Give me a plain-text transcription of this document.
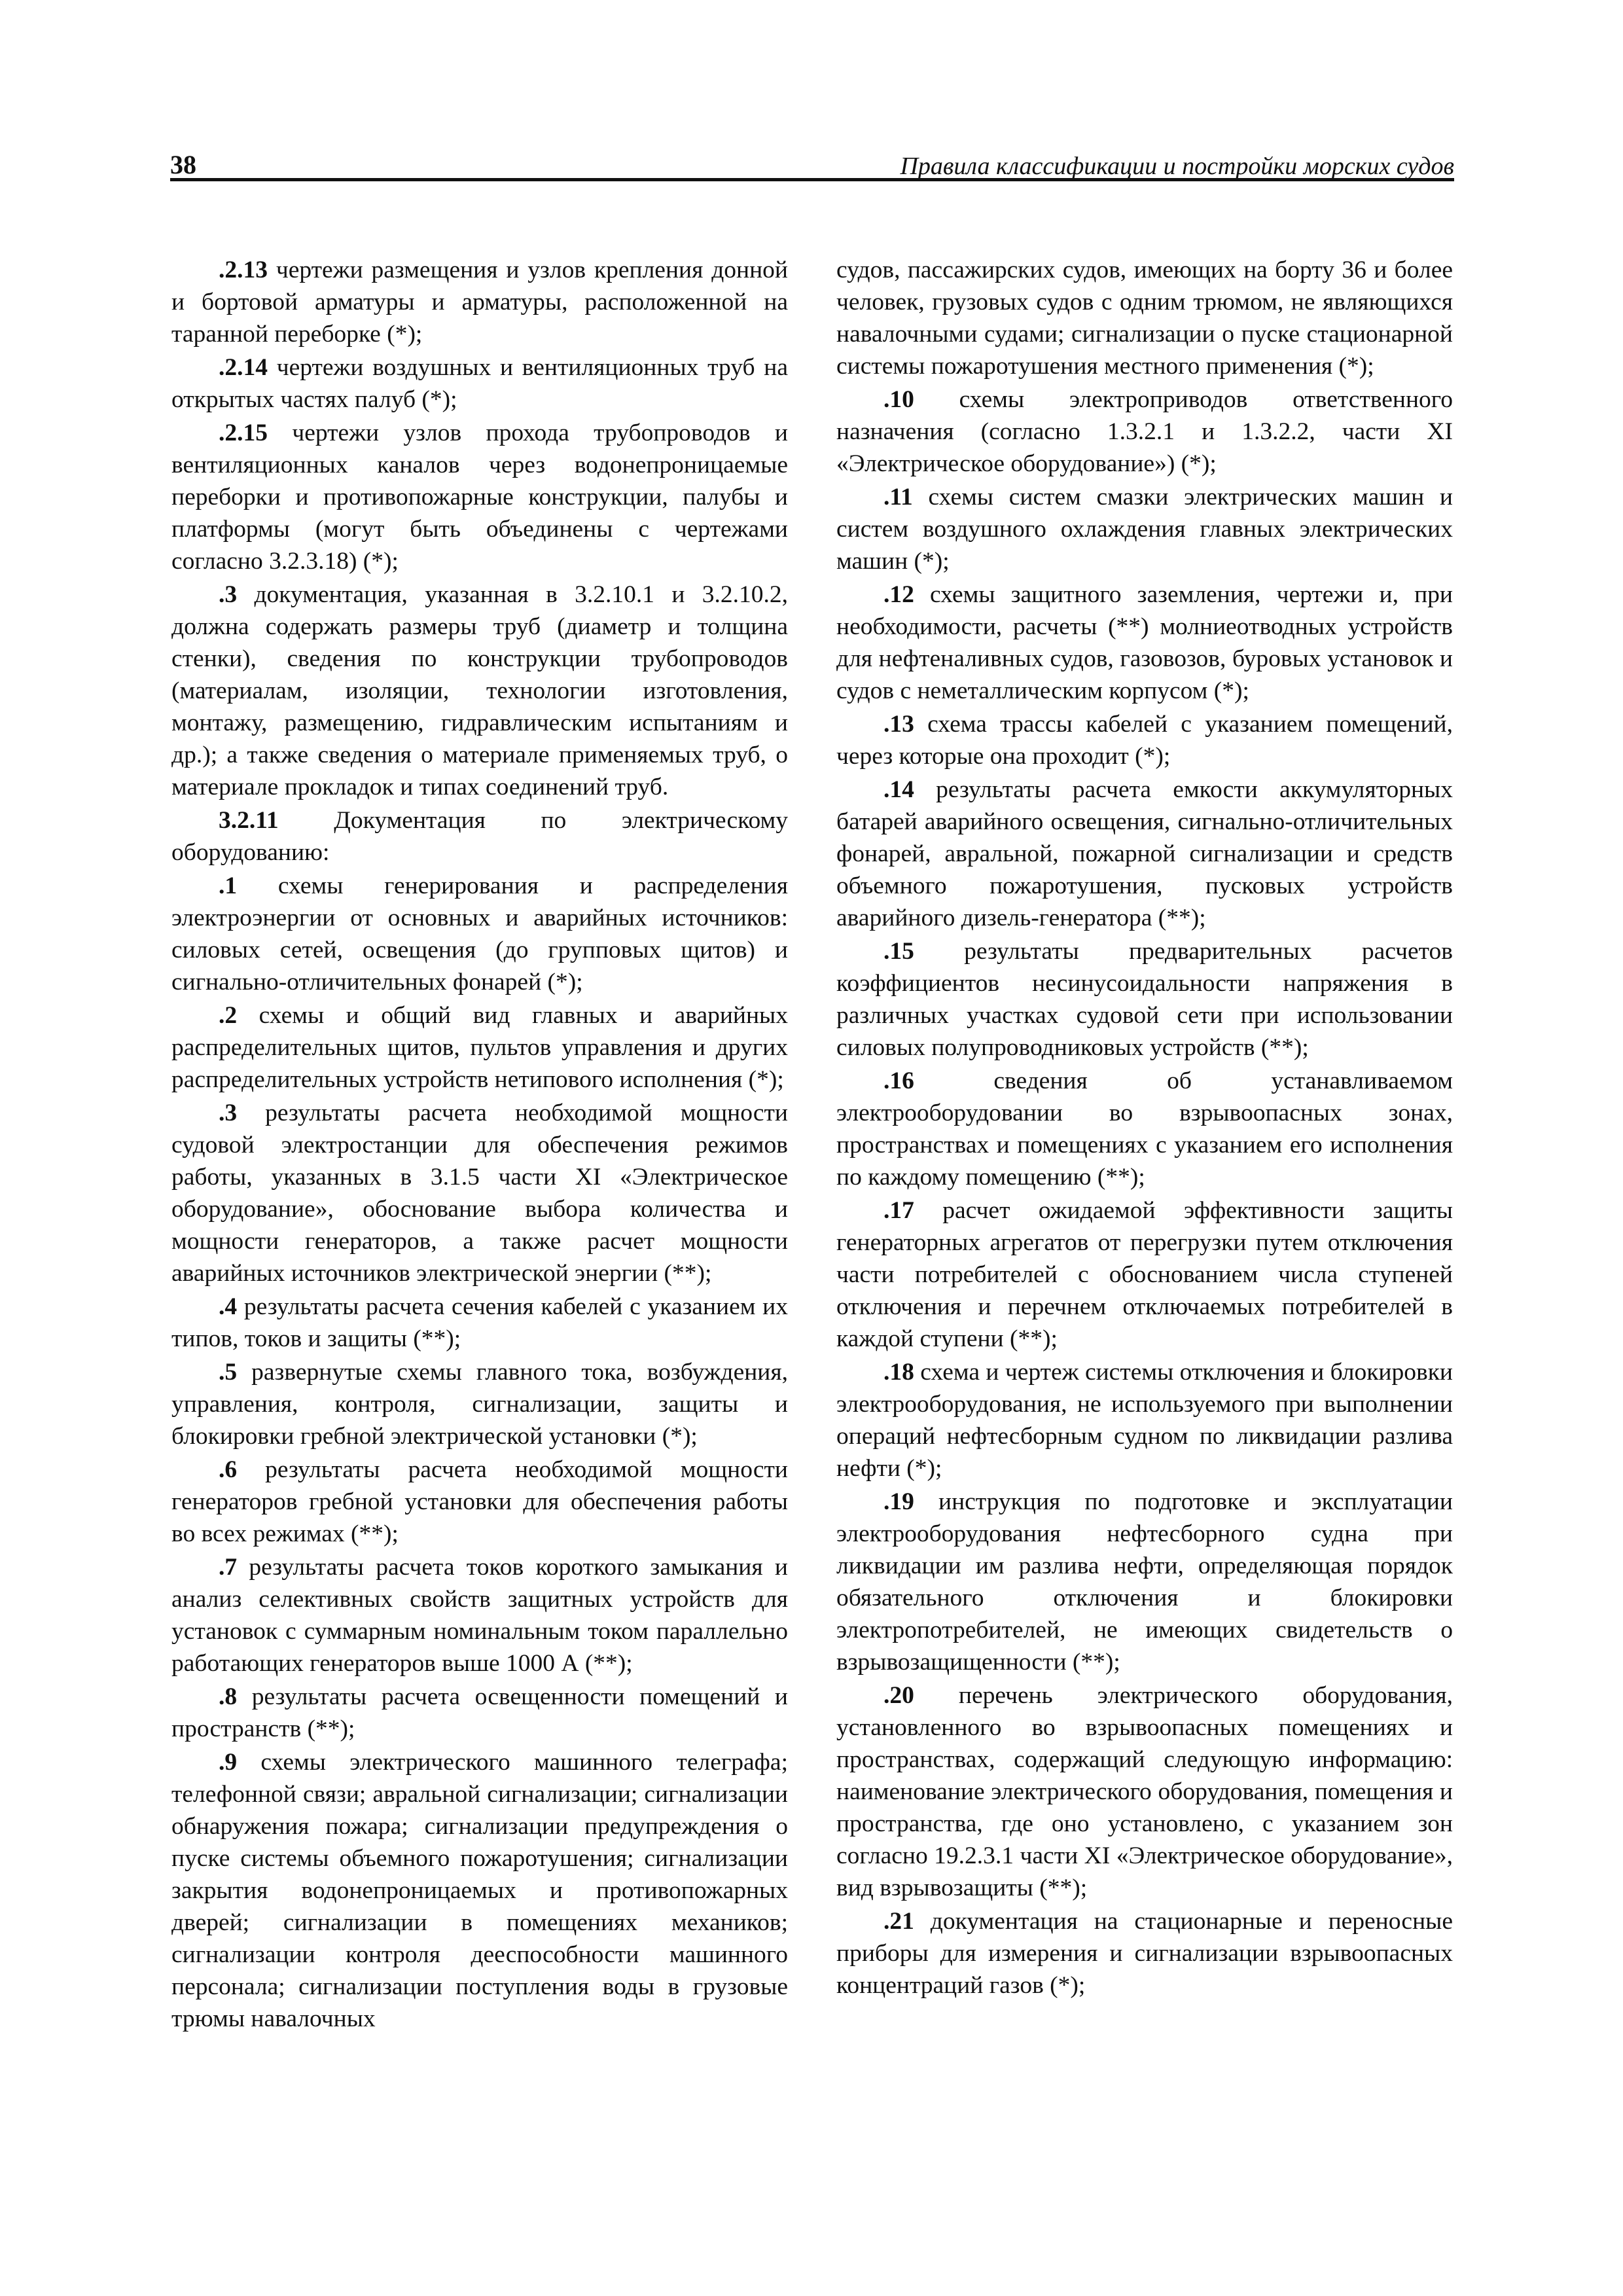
38	Правила классификации и постройки морских судов

.2.13 чертежи размещения и узлов крепления донной и бортовой арматуры и арматуры, расположенной на таранной переборке (*);

.2.14 чертежи воздушных и вентиляционных труб на открытых частях палуб (*);

.2.15 чертежи узлов прохода трубопроводов и вентиляционных каналов через водонепроницаемые переборки и противопожарные конструкции, палубы и платформы (могут быть объединены с чертежами согласно 3.2.3.18) (*);

.3 документация, указанная в 3.2.10.1 и 3.2.10.2, должна содержать размеры труб (диаметр и толщина стенки), сведения по конструкции трубопроводов (материалам, изоляции, технологии изготовления, монтажу, размещению, гидравлическим испытаниям и др.); а также сведения о материале применяемых труб, о материале прокладок и типах соединений труб.

3.2.11 Документация по электрическому оборудованию:

.1 схемы генерирования и распределения электроэнергии от основных и аварийных источников: силовых сетей, освещения (до групповых щитов) и сигнально-отличительных фонарей (*);

.2 схемы и общий вид главных и аварийных распределительных щитов, пультов управления и других распределительных устройств нетипового исполнения (*);

.3 результаты расчета необходимой мощности судовой электростанции для обеспечения режимов работы, указанных в 3.1.5 части XI «Электрическое оборудование», обоснование выбора количества и мощности генераторов, а также расчет мощности аварийных источников электрической энергии (**);

.4 результаты расчета сечения кабелей с указанием их типов, токов и защиты (**);

.5 развернутые схемы главного тока, возбуждения, управления, контроля, сигнализации, защиты и блокировки гребной электрической установки (*);

.6 результаты расчета необходимой мощности генераторов гребной установки для обеспечения работы во всех режимах (**);

.7 результаты расчета токов короткого замыкания и анализ селективных свойств защитных устройств для установок с суммарным номинальным током параллельно работающих генераторов выше 1000 А (**);

.8 результаты расчета освещенности помещений и пространств (**);

.9 схемы электрического машинного телеграфа; телефонной связи; авральной сигнализации; сигнализации обнаружения пожара; сигнализации предупреждения о пуске системы объемного пожаротушения; сигнализации закрытия водонепроницаемых и противопожарных дверей; сигнализации в помещениях механиков; сигнализации контроля дееспособности машинного персонала; сигнализации поступления воды в грузовые трюмы навалочных

судов, пассажирских судов, имеющих на борту 36 и более человек, грузовых судов с одним трюмом, не являющихся навалочными судами; сигнализации о пуске стационарной системы пожаротушения местного применения (*);

.10 схемы электроприводов ответственного назначения (согласно 1.3.2.1 и 1.3.2.2, части XI «Электрическое оборудование») (*);

.11 схемы систем смазки электрических машин и систем воздушного охлаждения главных электрических машин (*);

.12 схемы защитного заземления, чертежи и, при необходимости, расчеты (**) молниеотводных устройств для нефтеналивных судов, газовозов, буровых установок и судов с неметаллическим корпусом (*);

.13 схема трассы кабелей с указанием помещений, через которые она проходит (*);

.14 результаты расчета емкости аккумуляторных батарей аварийного освещения, сигнально-отличительных фонарей, авральной, пожарной сигнализации и средств объемного пожаротушения, пусковых устройств аварийного дизель-генератора (**);

.15 результаты предварительных расчетов коэффициентов несинусоидальности напряжения в различных участках судовой сети при использовании силовых полупроводниковых устройств (**);

.16 сведения об устанавливаемом электрооборудовании во взрывоопасных зонах, пространствах и помещениях с указанием его исполнения по каждому помещению (**);

.17 расчет ожидаемой эффективности защиты генераторных агрегатов от перегрузки путем отключения части потребителей с обоснованием числа ступеней отключения и перечнем отключаемых потребителей в каждой ступени (**);

.18 схема и чертеж системы отключения и блокировки электрооборудования, не используемого при выполнении операций нефтесборным судном по ликвидации разлива нефти (*);

.19 инструкция по подготовке и эксплуатации электрооборудования нефтесборного судна при ликвидации им разлива нефти, определяющая порядок обязательного отключения и блокировки электропотребителей, не имеющих свидетельств о взрывозащищенности (**);

.20 перечень электрического оборудования, установленного во взрывоопасных помещениях и пространствах, содержащий следующую информацию: наименование электрического оборудования, помещения и пространства, где оно установлено, с указанием зон согласно 19.2.3.1 части XI «Электрическое оборудование», вид взрывозащиты (**);

.21 документация на стационарные и переносные приборы для измерения и сигнализации взрывоопасных концентраций газов (*);
